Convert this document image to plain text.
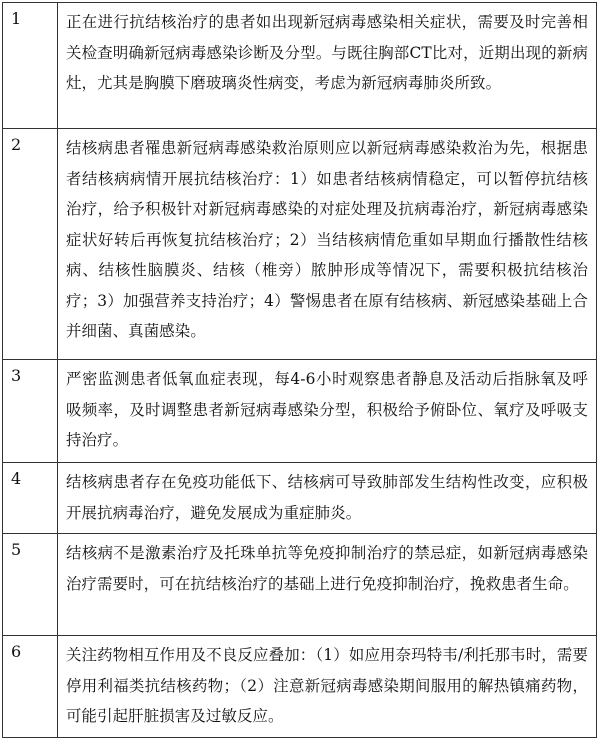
1	正在进行抗结核治疗的患者如出现新冠病毒感染相关症状，需要及时完善相关检查明确新冠病毒感染诊断及分型。与既往胸部CT比对，近期出现的新病灶，尤其是胸膜下磨玻璃炎性病变，考虑为新冠病毒肺炎所致。
2	结核病患者罹患新冠病毒感染救治原则应以新冠病毒感染救治为先，根据患者结核病病情开展抗结核治疗：1）如患者结核病情稳定，可以暂停抗结核治疗，给予积极针对新冠病毒感染的对症处理及抗病毒治疗，新冠病毒感染症状好转后再恢复抗结核治疗；2）当结核病情危重如早期血行播散性结核病、结核性脑膜炎、结核（椎旁）脓肿形成等情况下，需要积极抗结核治疗；3）加强营养支持治疗；4）警惕患者在原有结核病、新冠感染基础上合并细菌、真菌感染。
3	严密监测患者低氧血症表现，每4-6小时观察患者静息及活动后指脉氧及呼吸频率，及时调整患者新冠病毒感染分型，积极给予俯卧位、氧疗及呼吸支持治疗。
4	结核病患者存在免疫功能低下、结核病可导致肺部发生结构性改变，应积极开展抗病毒治疗，避免发展成为重症肺炎。
5	结核病不是激素治疗及托珠单抗等免疫抑制治疗的禁忌症，如新冠病毒感染治疗需要时，可在抗结核治疗的基础上进行免疫抑制治疗，挽救患者生命。
6	关注药物相互作用及不良反应叠加：（1）如应用奈玛特韦/利托那韦时，需要停用利福类抗结核药物；（2）注意新冠病毒感染期间服用的解热镇痛药物，可能引起肝脏损害及过敏反应。
